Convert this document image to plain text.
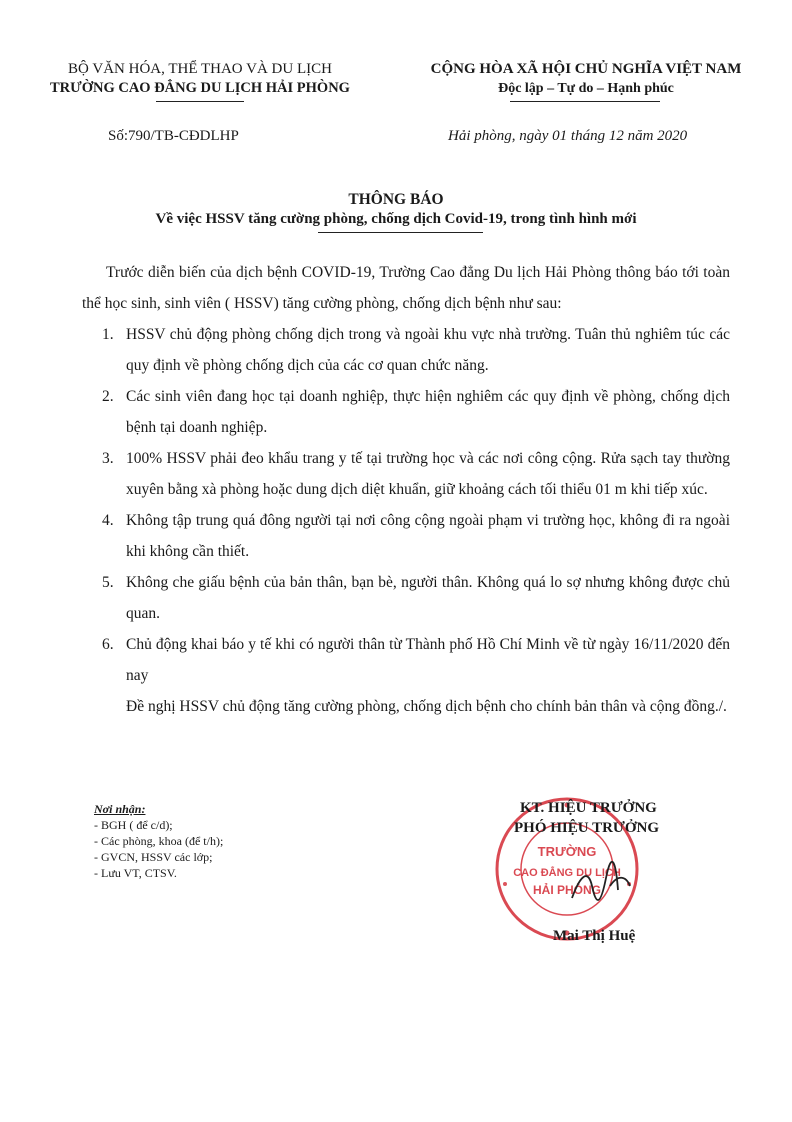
BỘ VĂN HÓA, THỂ THAO VÀ DU LỊCH
TRƯỜNG CAO ĐẲNG DU LỊCH HẢI PHÒNG
CỘNG HÒA XÃ HỘI CHỦ NGHĨA VIỆT NAM
Độc lập – Tự do – Hạnh phúc
Số:790/TB-CĐDLHP	Hải phòng, ngày 01 tháng 12 năm 2020
THÔNG BÁO
Về việc HSSV tăng cường phòng, chống dịch Covid-19, trong tình hình mới

Trước diễn biến của dịch bệnh COVID-19, Trường Cao đẳng Du lịch Hải Phòng thông báo tới toàn thể học sinh, sinh viên ( HSSV) tăng cường phòng, chống dịch bệnh như sau:

1. HSSV chủ động phòng chống dịch trong và ngoài khu vực nhà trường. Tuân thủ nghiêm túc các quy định về phòng chống dịch của các cơ quan chức năng.
2. Các sinh viên đang học tại doanh nghiệp, thực hiện nghiêm các quy định về phòng, chống dịch bệnh tại doanh nghiệp.
3. 100% HSSV phải đeo khẩu trang y tế tại trường học và các nơi công cộng. Rửa sạch tay thường xuyên bằng xà phòng hoặc dung dịch diệt khuẩn, giữ khoảng cách tối thiểu 01 m khi tiếp xúc.
4. Không tập trung quá đông người tại nơi công cộng ngoài phạm vi trường học, không đi ra ngoài khi không cần thiết.
5. Không che giấu bệnh của bản thân, bạn bè, người thân. Không quá lo sợ nhưng không được chủ quan.
6. Chủ động khai báo y tế khi có người thân từ Thành phố Hồ Chí Minh về từ ngày 16/11/2020 đến nay

Đề nghị HSSV chủ động tăng cường phòng, chống dịch bệnh cho chính bản thân và cộng đồng./.

Nơi nhận:
- BGH ( để c/d);
- Các phòng, khoa (để t/h);
- GVCN, HSSV các lớp;
- Lưu VT, CTSV.
TRƯỜNG
CAO ĐẲNG DU LỊCH
HẢI PHÒNG
KT. HIỆU TRƯỞNG
PHÓ HIỆU TRƯỞNG
Mai Thị Huệ
